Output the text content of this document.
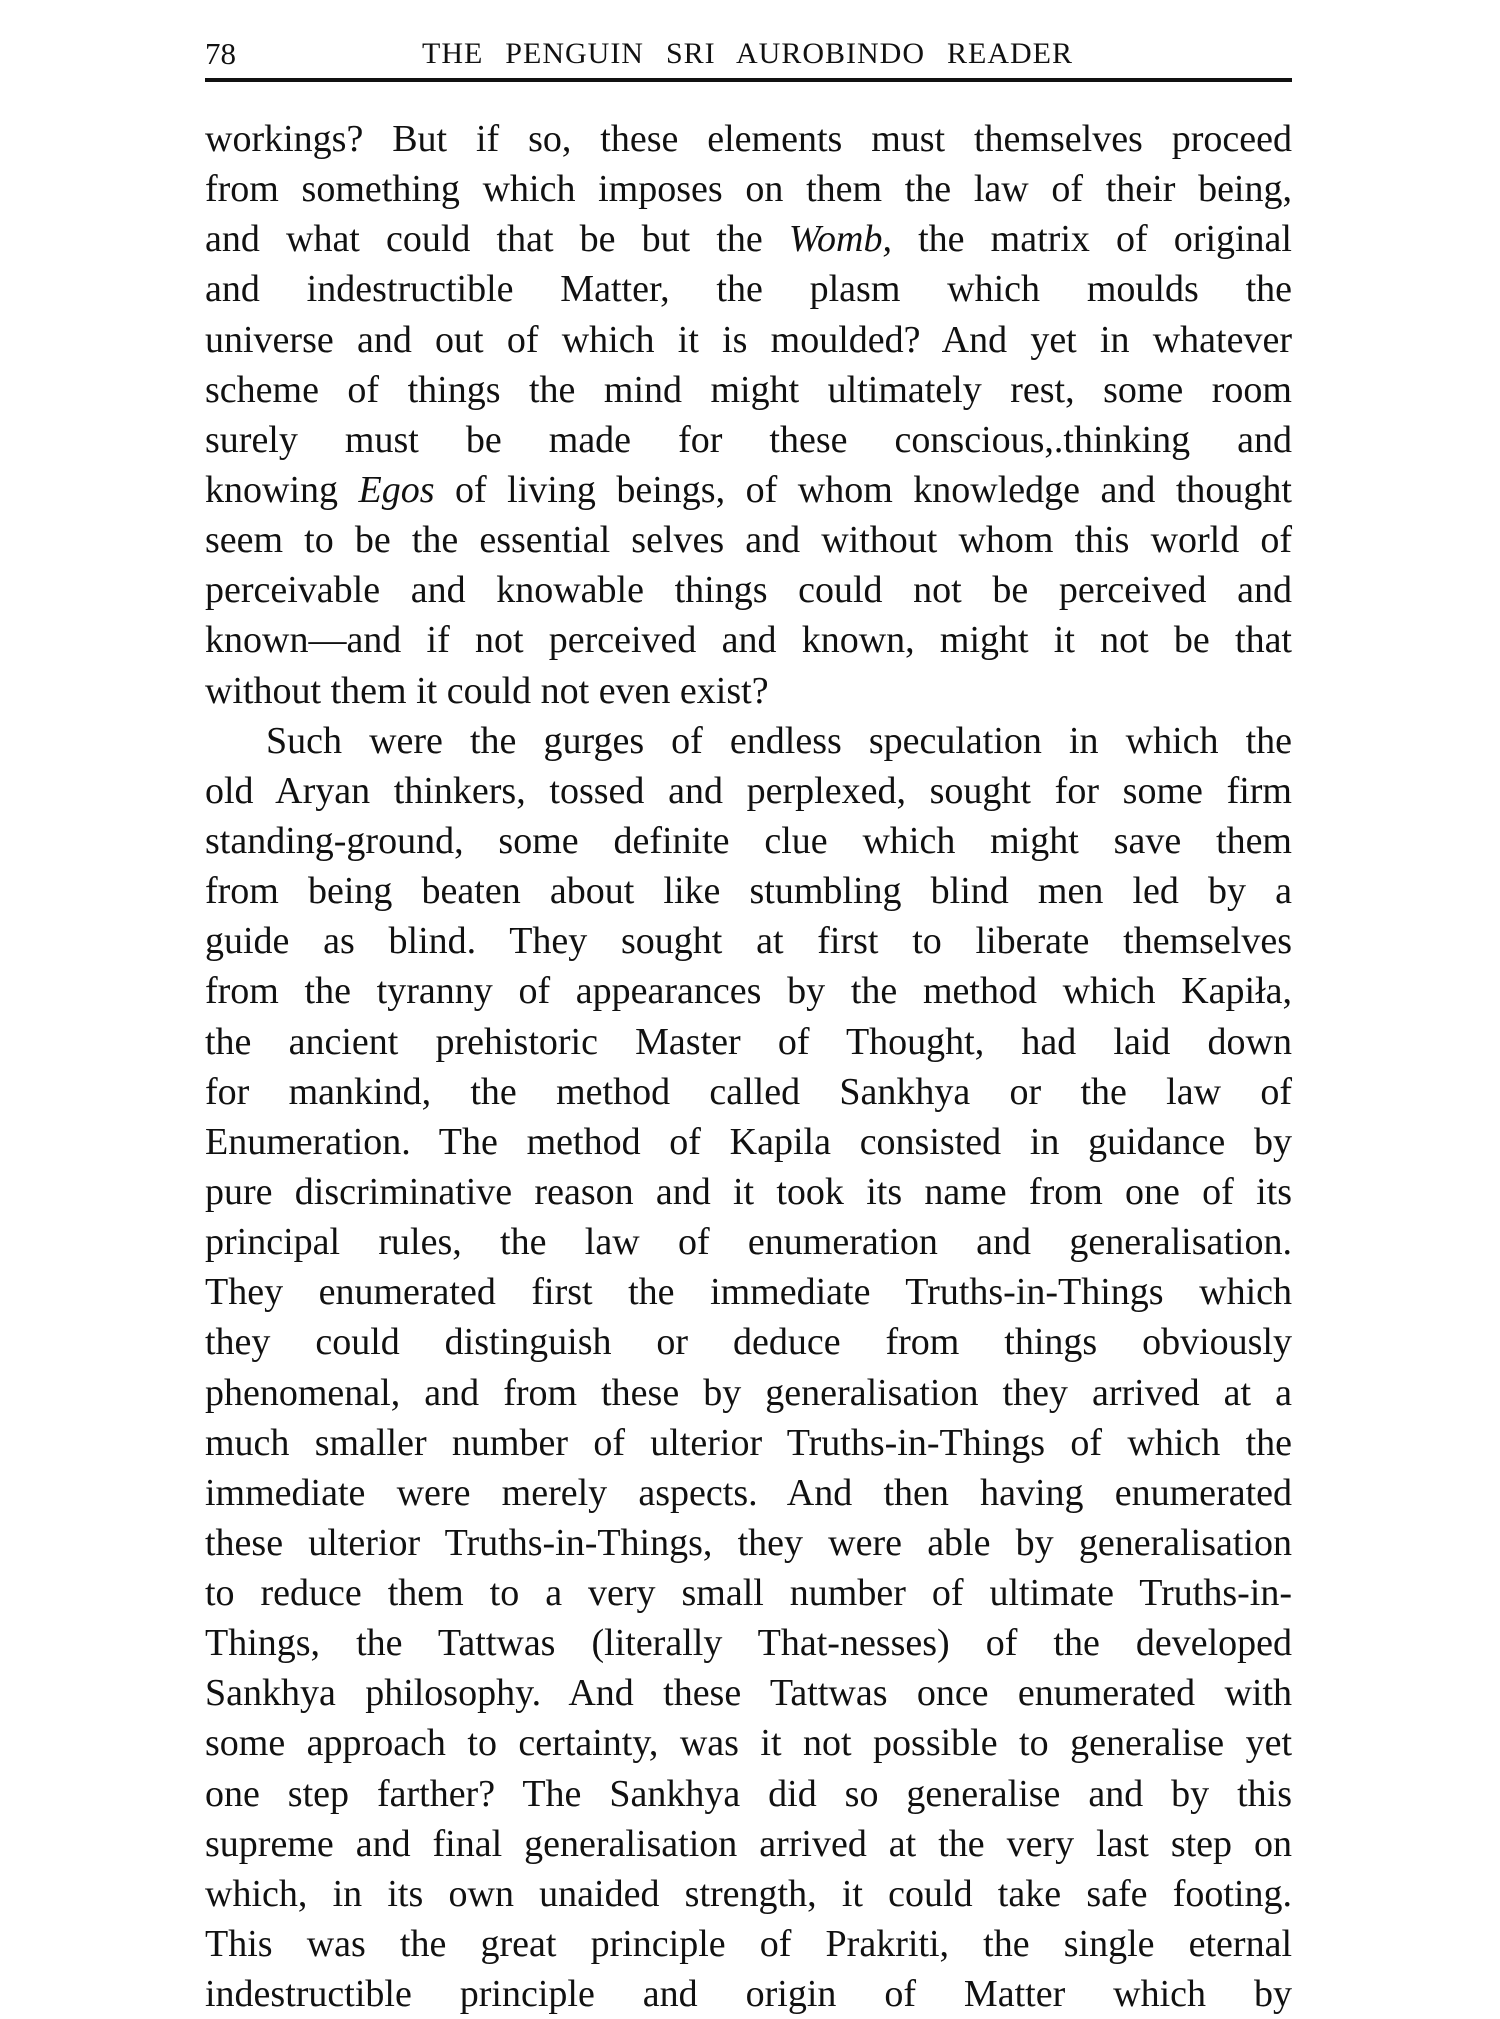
78	THE PENGUIN SRI AUROBINDO READER
workings? But if so, these elements must themselves proceed
from something which imposes on them the law of their being,
and what could that be but the Womb, the matrix of original
and indestructible Matter, the plasm which moulds the
universe and out of which it is moulded? And yet in whatever
scheme of things the mind might ultimately rest, some room
surely must be made for these conscious,.thinking and
knowing Egos of living beings, of whom knowledge and thought
seem to be the essential selves and without whom this world of
perceivable and knowable things could not be perceived and
known—and if not perceived and known, might it not be that
without them it could not even exist?
Such were the gurges of endless speculation in which the
old Aryan thinkers, tossed and perplexed, sought for some firm
standing-ground, some definite clue which might save them
from being beaten about like stumbling blind men led by a
guide as blind. They sought at first to liberate themselves
from the tyranny of appearances by the method which Kapiła,
the ancient prehistoric Master of Thought, had laid down
for mankind, the method called Sankhya or the law of
Enumeration. The method of Kapila consisted in guidance by
pure discriminative reason and it took its name from one of its
principal rules, the law of enumeration and generalisation.
They enumerated first the immediate Truths-in-Things which
they could distinguish or deduce from things obviously
phenomenal, and from these by generalisation they arrived at a
much smaller number of ulterior Truths-in-Things of which the
immediate were merely aspects. And then having enumerated
these ulterior Truths-in-Things, they were able by generalisation
to reduce them to a very small number of ultimate Truths-in-
Things, the Tattwas (literally That-nesses) of the developed
Sankhya philosophy. And these Tattwas once enumerated with
some approach to certainty, was it not possible to generalise yet
one step farther? The Sankhya did so generalise and by this
supreme and final generalisation arrived at the very last step on
which, in its own unaided strength, it could take safe footing.
This was the great principle of Prakriti, the single eternal
indestructible principle and origin of Matter which by
